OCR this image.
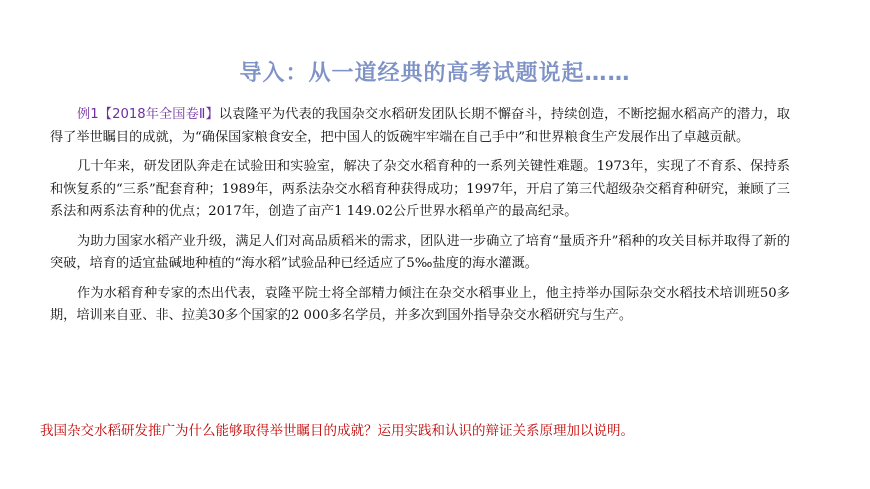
导入：从一道经典的高考试题说起……

例1【2018年全国卷Ⅱ】以袁隆平为代表的我国杂交水稻研发团队长期不懈奋斗，持续创造，不断挖掘水稻高产的潜力，取得了举世瞩目的成就，为“确保国家粮食安全，把中国人的饭碗牢牢端在自己手中”和世界粮食生产发展作出了卓越贡献。

几十年来，研发团队奔走在试验田和实验室，解决了杂交水稻育种的一系列关键性难题。1973年，实现了不育系、保持系和恢复系的“三系”配套育种；1989年，两系法杂交水稻育种获得成功；1997年，开启了第三代超级杂交稻育种研究，兼顾了三系法和两系法育种的优点；2017年，创造了亩产1 149.02公斤世界水稻单产的最高纪录。

为助力国家水稻产业升级，满足人们对高品质稻米的需求，团队进一步确立了培育“量质齐升”稻种的攻关目标并取得了新的突破，培育的适宜盐碱地种植的“海水稻”试验品种已经适应了5‰盐度的海水灌溉。

作为水稻育种专家的杰出代表，袁隆平院士将全部精力倾注在杂交水稻事业上，他主持举办国际杂交水稻技术培训班50多期，培训来自亚、非、拉美30多个国家的2 000多名学员，并多次到国外指导杂交水稻研究与生产。

我国杂交水稻研发推广为什么能够取得举世瞩目的成就？运用实践和认识的辩证关系原理加以说明。
